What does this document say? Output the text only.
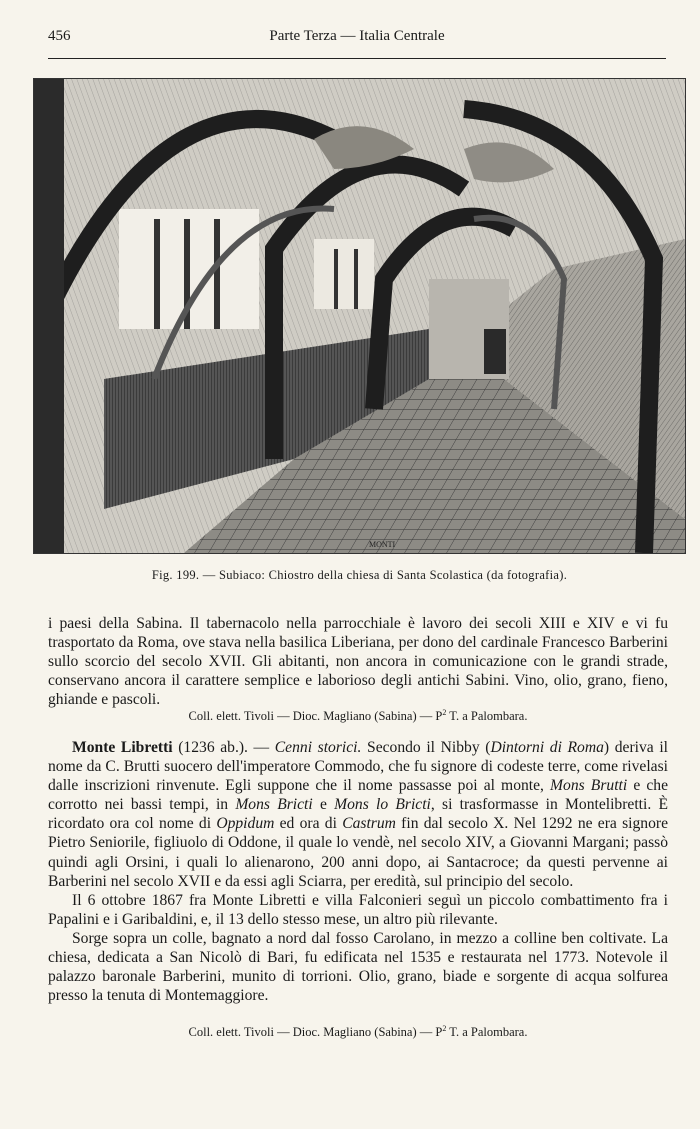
456	Parte Terza — Italia Centrale
MONTI
Fig. 199. — Subiaco: Chiostro della chiesa di Santa Scolastica (da fotografia).

i paesi della Sabina. Il tabernacolo nella parrocchiale è lavoro dei secoli XIII e XIV e vi fu trasportato da Roma, ove stava nella basilica Liberiana, per dono del cardinale Francesco Barberini sullo scorcio del secolo XVII. Gli abitanti, non ancora in comunicazione con le grandi strade, conservano ancora il carattere semplice e laborioso degli antichi Sabini. Vino, olio, grano, fieno, ghiande e pascoli.

Coll. elett. Tivoli — Dioc. Magliano (Sabina) — $P^2$ T. a Palombara.

Monte Libretti (1236 ab.). — Cenni storici. Secondo il Nibby (Dintorni di Roma) deriva il nome da C. Brutti suocero dell'imperatore Commodo, che fu signore di codeste terre, come rivelasi dalle inscrizioni rinvenute. Egli suppone che il nome passasse poi al monte, Mons Brutti e che corrotto nei bassi tempi, in Mons Bricti e Mons lo Bricti, si trasformasse in Montelibretti. È ricordato ora col nome di Oppidum ed ora di Castrum fin dal secolo X. Nel 1292 ne era signore Pietro Seniorile, figliuolo di Oddone, il quale lo vendè, nel secolo XIV, a Giovanni Margani; passò quindi agli Orsini, i quali lo alienarono, 200 anni dopo, ai Santacroce; da questi pervenne ai Barberini nel secolo XVII e da essi agli Sciarra, per eredità, sul principio del secolo.

Il 6 ottobre 1867 fra Monte Libretti e villa Falconieri seguì un piccolo combattimento fra i Papalini e i Garibaldini, e, il 13 dello stesso mese, un altro più rilevante.

Sorge sopra un colle, bagnato a nord dal fosso Carolano, in mezzo a colline ben coltivate. La chiesa, dedicata a San Nicolò di Bari, fu edificata nel 1535 e restaurata nel 1773. Notevole il palazzo baronale Barberini, munito di torrioni. Olio, grano, biade e sorgente di acqua solfurea presso la tenuta di Montemaggiore.

Coll. elett. Tivoli — Dioc. Magliano (Sabina) — $P^2$ T. a Palombara.
